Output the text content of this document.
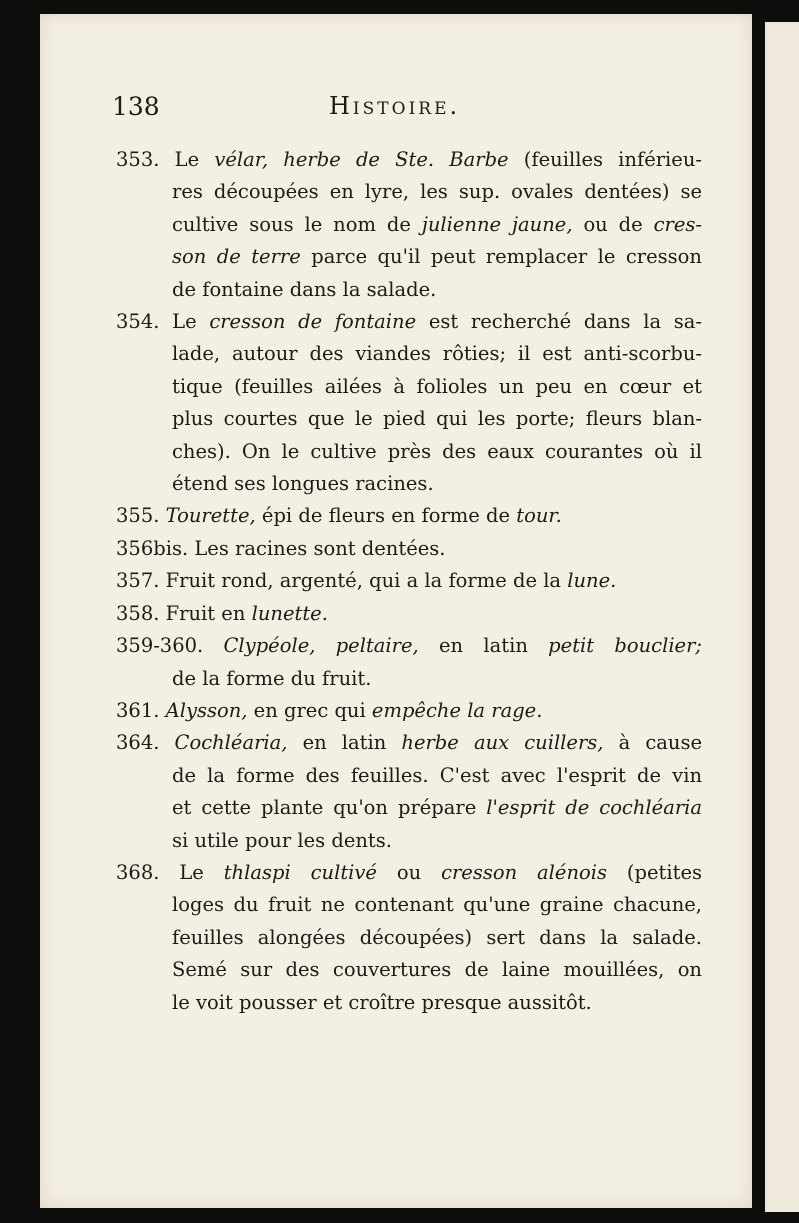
138	Histoire.
353. Le vélar, herbe de Ste. Barbe (feuilles inférieu-
res découpées en lyre, les sup. ovales dentées) se
cultive sous le nom de julienne jaune, ou de cres-
son de terre parce qu'il peut remplacer le cresson
de fontaine dans la salade.
354. Le cresson de fontaine est recherché dans la sa-
lade, autour des viandes rôties; il est anti-scorbu-
tique (feuilles ailées à folioles un peu en cœur et
plus courtes que le pied qui les porte; fleurs blan-
ches). On le cultive près des eaux courantes où il
étend ses longues racines.
355. Tourette, épi de fleurs en forme de tour.
356bis. Les racines sont dentées.
357. Fruit rond, argenté, qui a la forme de la lune.
358. Fruit en lunette.
359-360. Clypéole, peltaire, en latin petit bouclier;
de la forme du fruit.
361. Alysson, en grec qui empêche la rage.
364. Cochléaria, en latin herbe aux cuillers, à cause
de la forme des feuilles. C'est avec l'esprit de vin
et cette plante qu'on prépare l'esprit de cochléaria
si utile pour les dents.
368. Le thlaspi cultivé ou cresson alénois (petites
loges du fruit ne contenant qu'une graine chacune,
feuilles alongées découpées) sert dans la salade.
Semé sur des couvertures de laine mouillées, on
le voit pousser et croître presque aussitôt.
